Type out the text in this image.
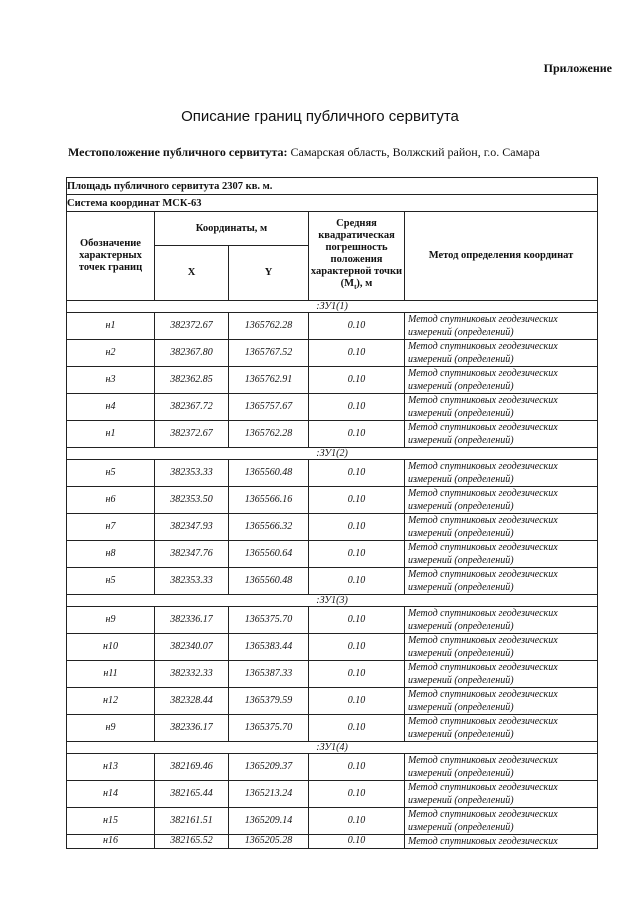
Приложение
Описание границ публичного сервитута
Местоположение публичного сервитута: Самарская область, Волжский район, г.о. Самара
Площадь публичного сервитута 2307 кв. м.				
Система координат МСК-63				
Обозначение характерных точек границ	Координаты, м		Средняя квадратическая погрешность положения характерной точки $(M_t)$, м	Метод определения координат
	X	Y		
:ЗУ1(1)				
н1	382372.67	1365762.28	0.10	Метод спутниковых геодезических измерений (определений)
н2	382367.80	1365767.52	0.10	Метод спутниковых геодезических измерений (определений)
н3	382362.85	1365762.91	0.10	Метод спутниковых геодезических измерений (определений)
н4	382367.72	1365757.67	0.10	Метод спутниковых геодезических измерений (определений)
н1	382372.67	1365762.28	0.10	Метод спутниковых геодезических измерений (определений)
:ЗУ1(2)				
н5	382353.33	1365560.48	0.10	Метод спутниковых геодезических измерений (определений)
н6	382353.50	1365566.16	0.10	Метод спутниковых геодезических измерений (определений)
н7	382347.93	1365566.32	0.10	Метод спутниковых геодезических измерений (определений)
н8	382347.76	1365560.64	0.10	Метод спутниковых геодезических измерений (определений)
н5	382353.33	1365560.48	0.10	Метод спутниковых геодезических измерений (определений)
:ЗУ1(3)				
н9	382336.17	1365375.70	0.10	Метод спутниковых геодезических измерений (определений)
н10	382340.07	1365383.44	0.10	Метод спутниковых геодезических измерений (определений)
н11	382332.33	1365387.33	0.10	Метод спутниковых геодезических измерений (определений)
н12	382328.44	1365379.59	0.10	Метод спутниковых геодезических измерений (определений)
н9	382336.17	1365375.70	0.10	Метод спутниковых геодезических измерений (определений)
:ЗУ1(4)				
н13	382169.46	1365209.37	0.10	Метод спутниковых геодезических измерений (определений)
н14	382165.44	1365213.24	0.10	Метод спутниковых геодезических измерений (определений)
н15	382161.51	1365209.14	0.10	Метод спутниковых геодезических измерений (определений)
н16	382165.52	1365205.28	0.10	Метод спутниковых геодезических
